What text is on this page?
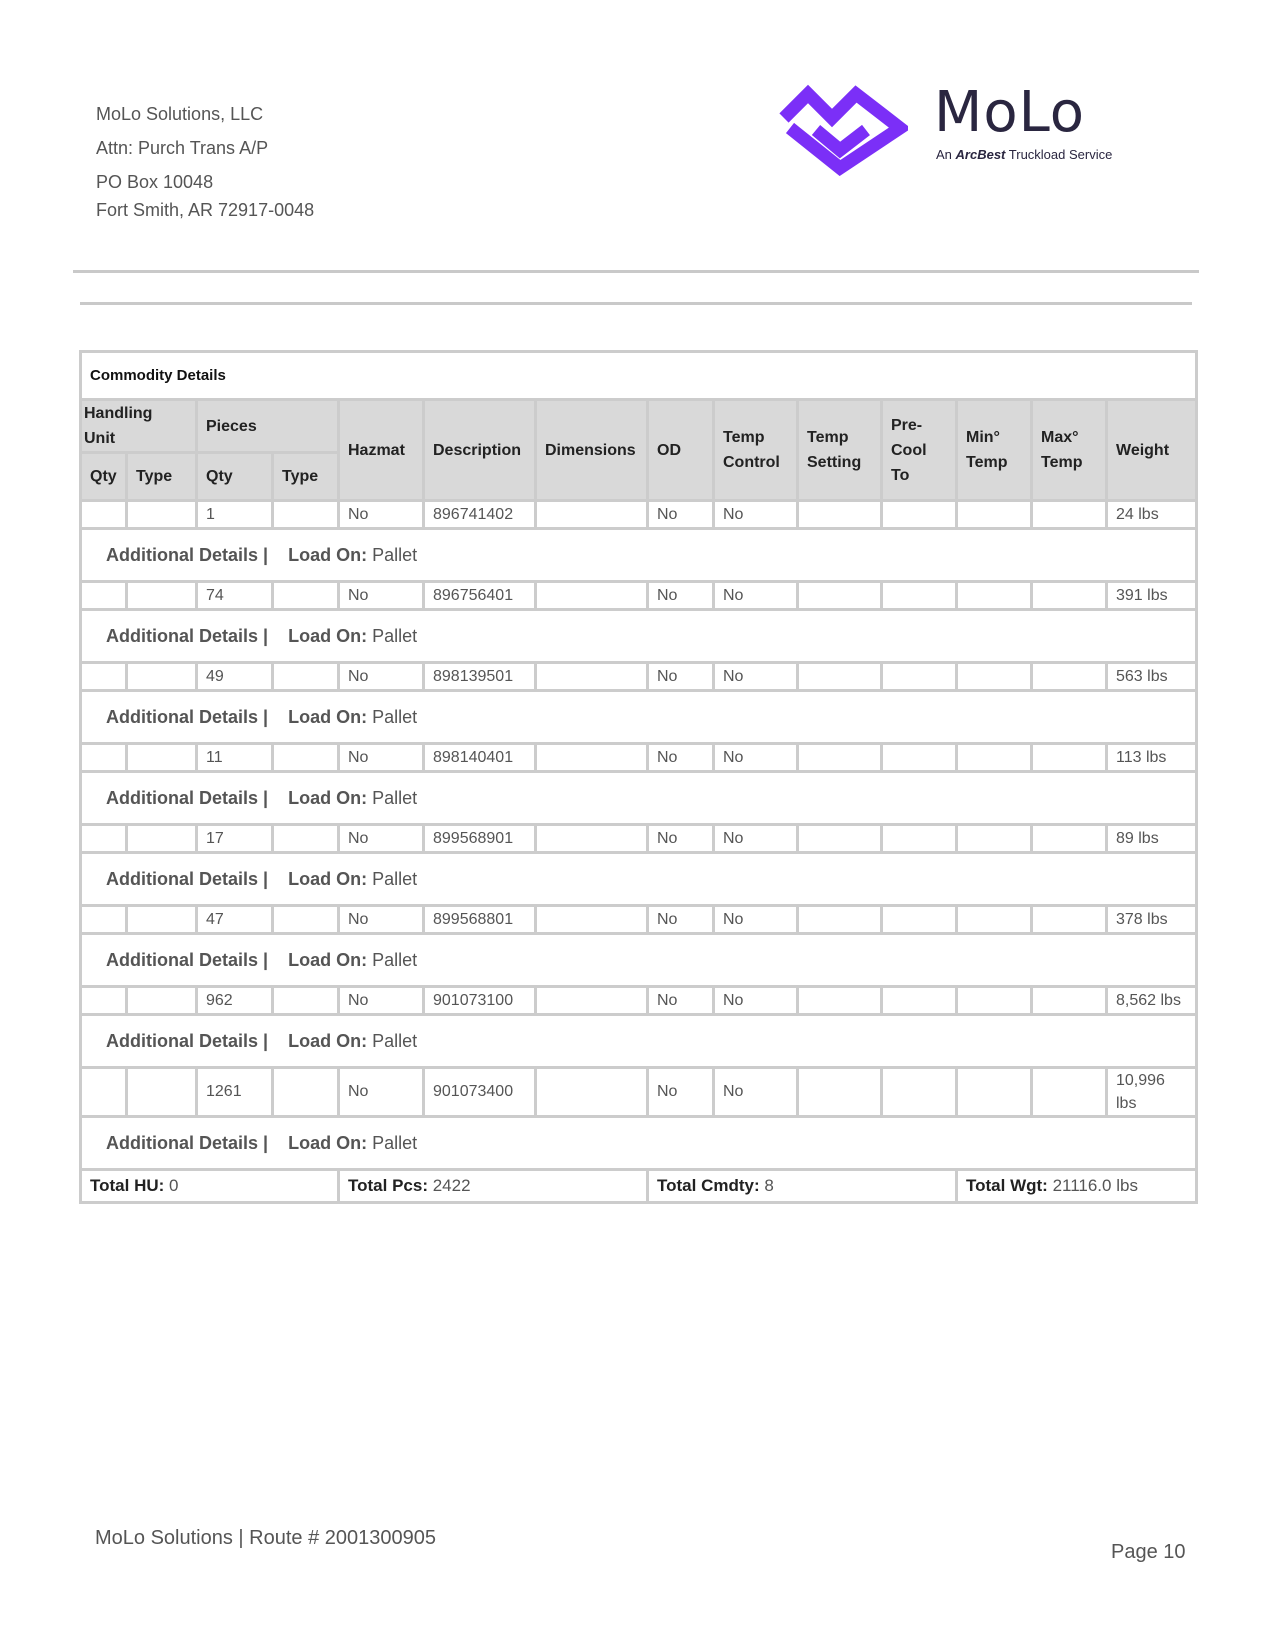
MoLo Solutions, LLC
Attn: Purch Trans A/P
PO Box 10048
Fort Smith, AR 72917-0048
MoLo
An ArcBest Truckload Service
Commodity Details													
Handling Unit		Pieces		Hazmat	Description	Dimensions	OD	Temp Control	Temp Setting	Pre-Cool To	Min° Temp	Max° Temp	Weight
Qty	Type	Qty	Type										
		1		No	896741402		No	No					24 lbs
Additional Details | Load On: Pallet													
		74		No	896756401		No	No					391 lbs
Additional Details | Load On: Pallet													
		49		No	898139501		No	No					563 lbs
Additional Details | Load On: Pallet													
		11		No	898140401		No	No					113 lbs
Additional Details | Load On: Pallet													
		17		No	899568901		No	No					89 lbs
Additional Details | Load On: Pallet													
		47		No	899568801		No	No					378 lbs
Additional Details | Load On: Pallet													
		962		No	901073100		No	No					8,562 lbs
Additional Details | Load On: Pallet													
		1261		No	901073400		No	No					10,996 lbs
Additional Details | Load On: Pallet													
Total HU: 0				Total Pcs: 2422			Total Cmdty: 8				Total Wgt: 21116.0 lbs		
MoLo Solutions | Route # 2001300905
Page 10
